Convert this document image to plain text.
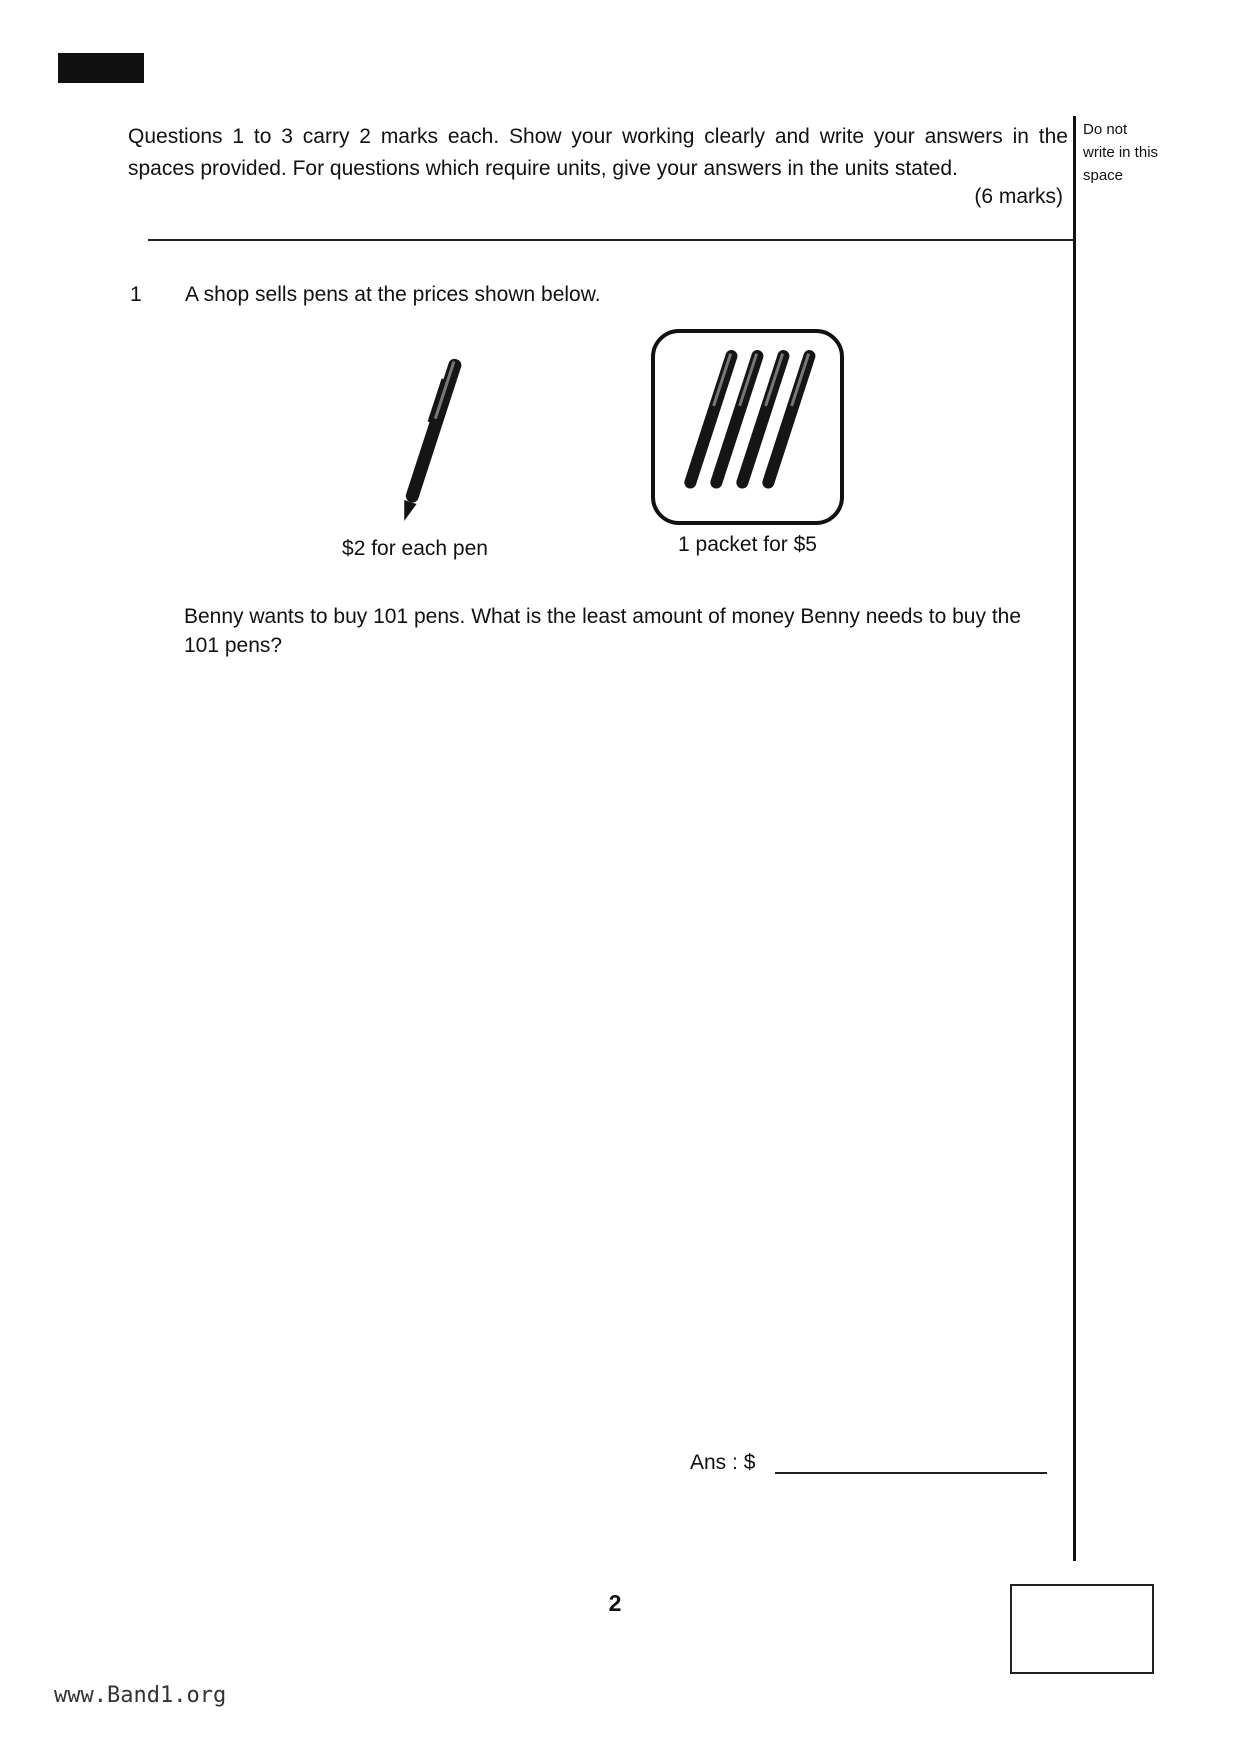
Questions 1 to 3 carry 2 marks each. Show your working clearly and write your answers in the spaces provided. For questions which require units, give your answers in the units stated.
(6 marks)
Do not write in this space
1 A shop sells pens at the prices shown below.
$2 for each pen	1 packet for $5
Benny wants to buy 101 pens. What is the least amount of money Benny needs to buy the 101 pens?
Ans : $
2
www.Band1.org
